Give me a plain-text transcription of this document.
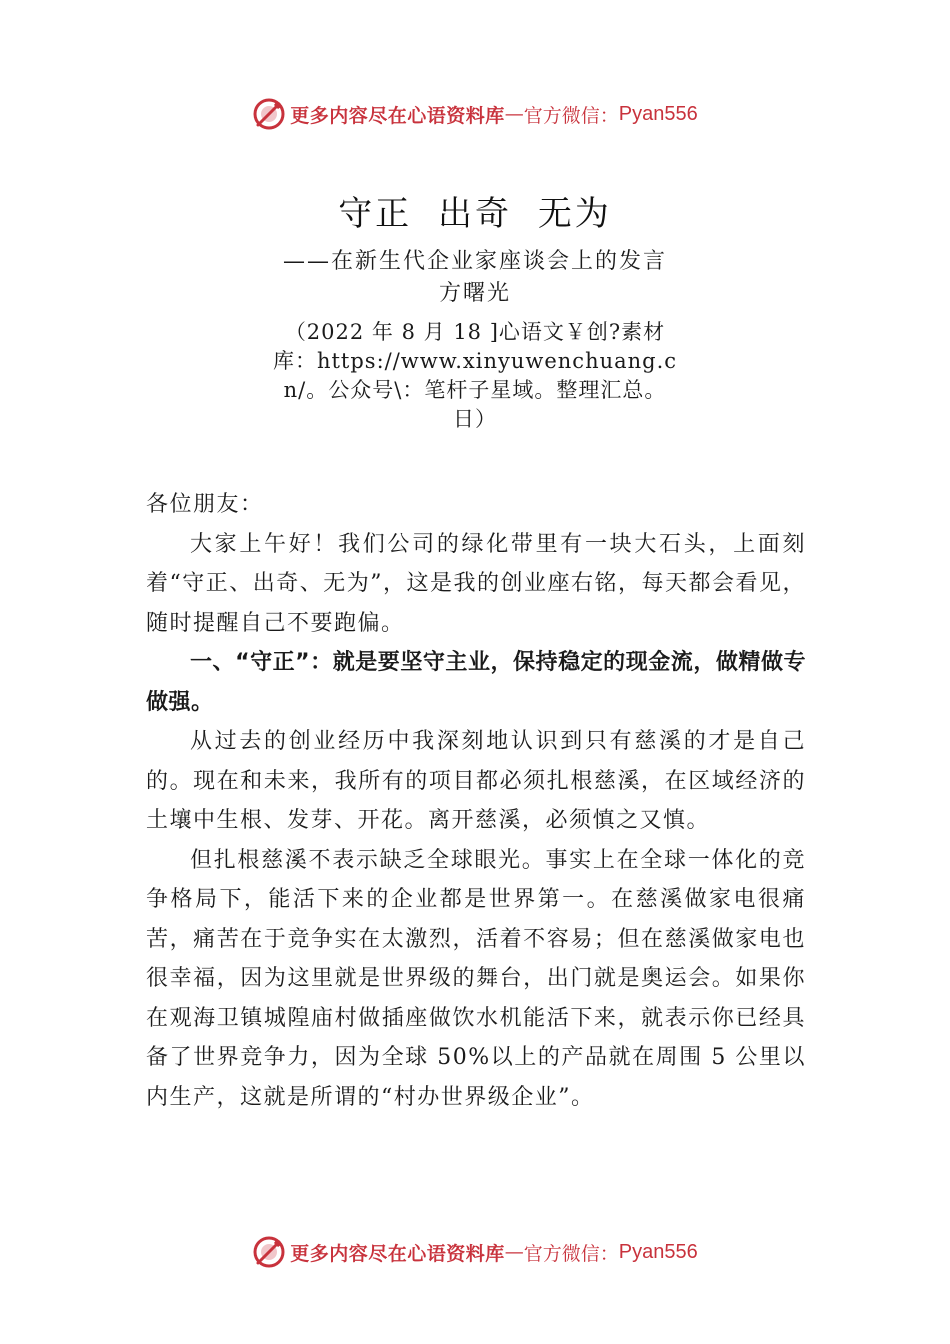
更多内容尽在心语资料库 — 官方微信： Pyan556
守正 出奇 无为
——在新生代企业家座谈会上的发言
方曙光
（2022 年 8 月 18 ]心语文￥创?素材库：https://www.xinyuwenchuang.cn/。公众号\：笔杆子星域。整理汇总。日）

各位朋友：

大家上午好！我们公司的绿化带里有一块大石头，上面刻着“守正、出奇、无为”，这是我的创业座右铭，每天都会看见，随时提醒自己不要跑偏。

一、“守正”：就是要坚守主业，保持稳定的现金流，做精做专做强。

从过去的创业经历中我深刻地认识到只有慈溪的才是自己的。现在和未来，我所有的项目都必须扎根慈溪，在区域经济的土壤中生根、发芽、开花。离开慈溪，必须慎之又慎。

但扎根慈溪不表示缺乏全球眼光。事实上在全球一体化的竞争格局下，能活下来的企业都是世界第一。在慈溪做家电很痛苦，痛苦在于竞争实在太激烈，活着不容易；但在慈溪做家电也很幸福，因为这里就是世界级的舞台，出门就是奥运会。如果你在观海卫镇城隍庙村做插座做饮水机能活下来，就表示你已经具备了世界竞争力，因为全球 50%以上的产品就在周围 5 公里以内生产，这就是所谓的“村办世界级企业”。

更多内容尽在心语资料库 — 官方微信： Pyan556
